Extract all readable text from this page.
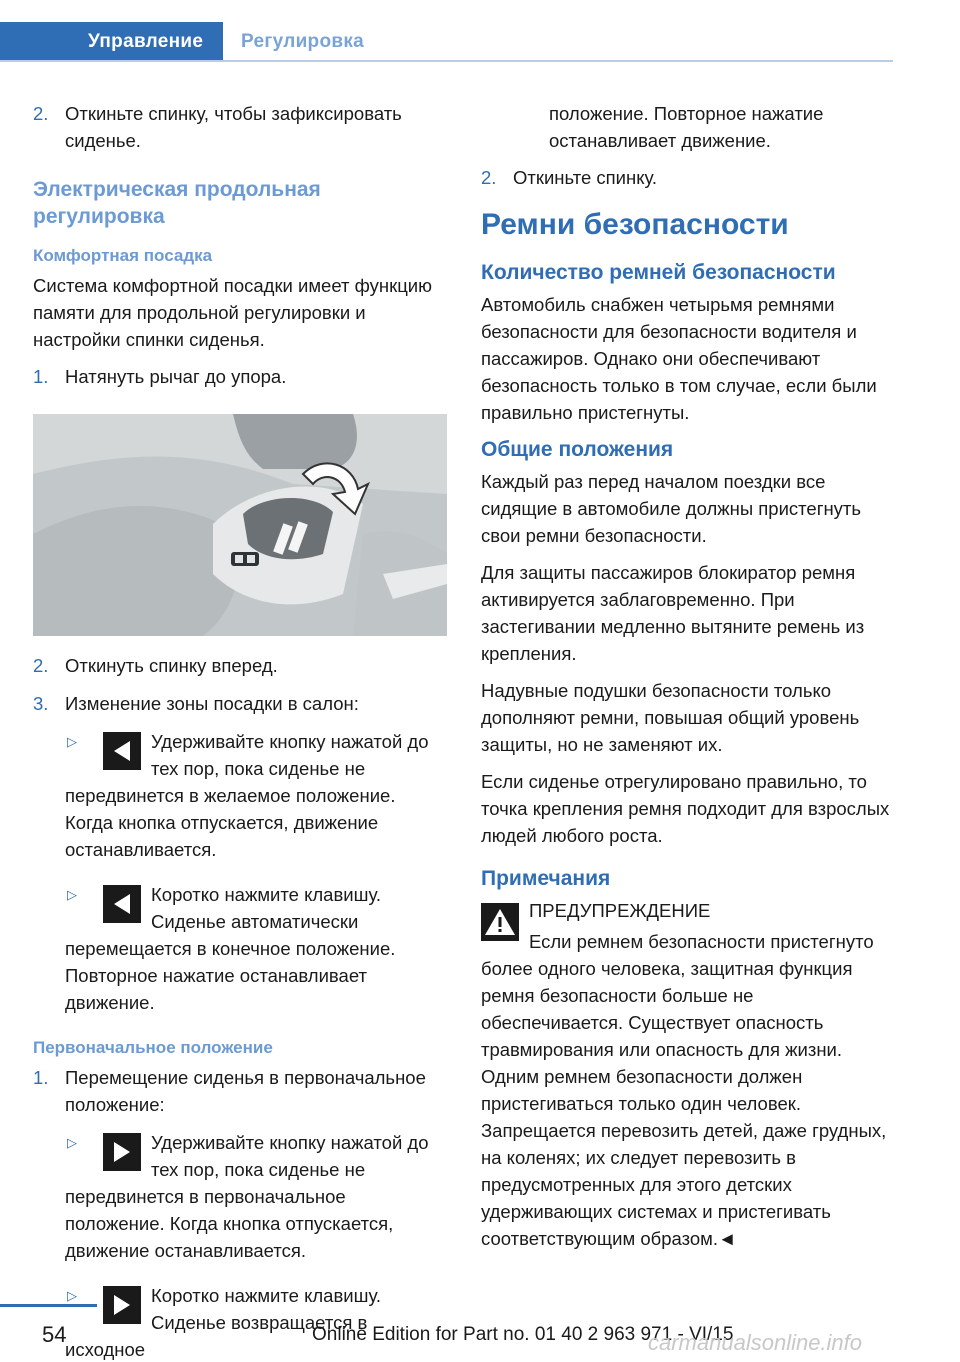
Управление	Регулировка
2. Откиньте спинку, чтобы зафиксировать сиденье.
Электрическая продольная регулировка
Комфортная посадка
Система комфортной посадки имеет функцию памяти для продольной регулировки и настройки спинки сиденья.
1. Натянуть рычаг до упора.
2. Откинуть спинку вперед.
3. Изменение зоны посадки в салон:
▷	Удерживайте кнопку нажатой до тех пор, пока сиденье не передвинется в желаемое положение. Когда кнопка отпускается, движение останавливается.
▷	Коротко нажмите клавишу. Сиденье автоматически перемещается в конечное положение. Повторное нажатие останавливает движение.
Первоначальное положение
1. Перемещение сиденья в первоначальное положение:
▷	Удерживайте кнопку нажатой до тех пор, пока сиденье не передвинется в первоначальное положение. Когда кнопка отпускается, движение останавливается.
▷	Коротко нажмите клавишу. Сиденье возвращается в исходное
положение. Повторное нажатие останавливает движение.
2. Откиньте спинку.
Ремни безопасности
Количество ремней безопасности
Автомобиль снабжен четырьмя ремнями безопасности для безопасности водителя и пассажиров. Однако они обеспечивают безопасность только в том случае, если были правильно пристегнуты.
Общие положения
Каждый раз перед началом поездки все сидящие в автомобиле должны пристегнуть свои ремни безопасности.
Для защиты пассажиров блокиратор ремня активируется заблаговременно. При застегивании медленно вытяните ремень из крепления.
Надувные подушки безопасности только дополняют ремни, повышая общий уровень защиты, но не заменяют их.
Если сиденье отрегулировано правильно, то точка крепления ремня подходит для взрослых людей любого роста.
Примечания
ПРЕДУПРЕЖДЕНИЕ
Если ремнем безопасности пристегнуто более одного человека, защитная функция ремня безопасности больше не обеспечивается. Существует опасность травмирования или опасность для жизни. Одним ремнем безопасности должен пристегиваться только один человек. Запрещается перевозить детей, даже грудных, на коленях; их следует перевозить в предусмотренных для этого детских удерживающих системах и пристегивать соответствующим образом.◄
54	Online Edition for Part no. 01 40 2 963 971 - VI/15
carmanualsonline.info
